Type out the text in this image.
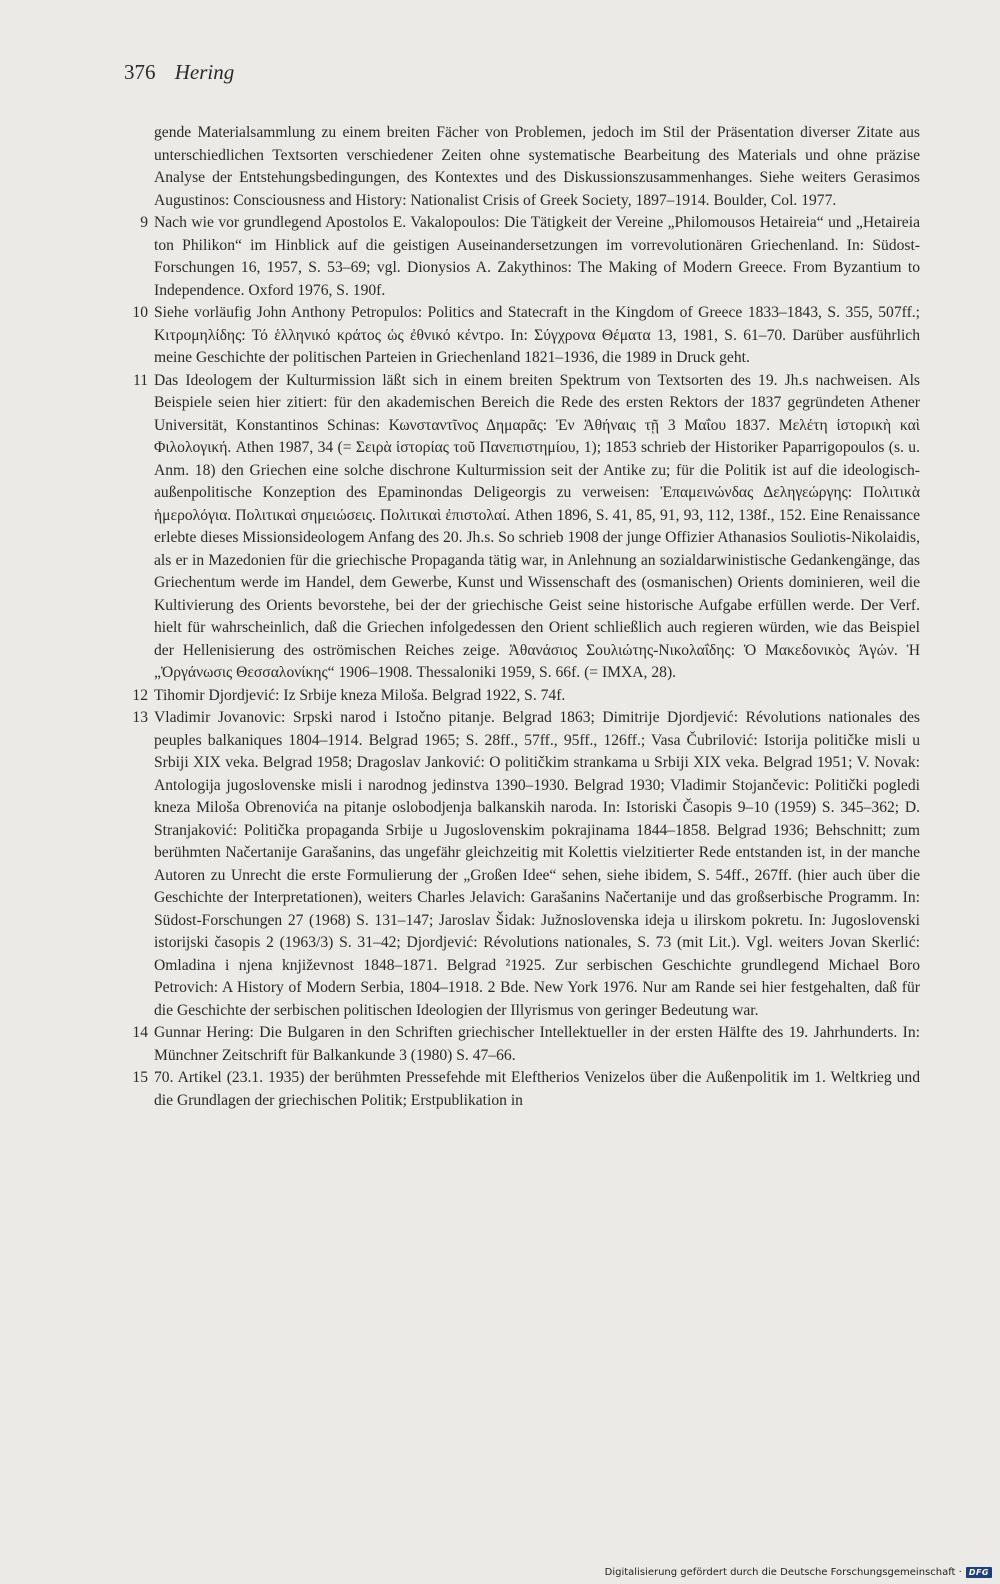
376 Hering
gende Materialsammlung zu einem breiten Fächer von Problemen, jedoch im Stil der Präsentation diverser Zitate aus unterschiedlichen Textsorten verschiedener Zeiten ohne systematische Bearbeitung des Materials und ohne präzise Analyse der Entstehungsbedingungen, des Kontextes und des Diskussionszusammenhanges. Siehe weiters Gerasimos Augustinos: Consciousness and History: Nationalist Crisis of Greek Society, 1897–1914. Boulder, Col. 1977.
9 Nach wie vor grundlegend Apostolos E. Vakalopoulos: Die Tätigkeit der Vereine „Philomousos Hetaireia“ und „Hetaireia ton Philikon“ im Hinblick auf die geistigen Auseinandersetzungen im vorrevolutionären Griechenland. In: Südost-Forschungen 16, 1957, S. 53–69; vgl. Dionysios A. Zakythinos: The Making of Modern Greece. From Byzantium to Independence. Oxford 1976, S. 190f.
10 Siehe vorläufig John Anthony Petropulos: Politics and Statecraft in the Kingdom of Greece 1833–1843, S. 355, 507ff.; Κιτρομηλίδης: Τό ἑλληνικό κράτος ὡς ἐθνικό κέντρο. In: Σύγχρονα Θέματα 13, 1981, S. 61–70. Darüber ausführlich meine Geschichte der politischen Parteien in Griechenland 1821–1936, die 1989 in Druck geht.
11 Das Ideologem der Kulturmission läßt sich in einem breiten Spektrum von Textsorten des 19. Jh.s nachweisen. Als Beispiele seien hier zitiert: für den akademischen Bereich die Rede des ersten Rektors der 1837 gegründeten Athener Universität, Konstantinos Schinas: Κωνσταντῖνος Δημαρᾶς: Ἐν Ἀθήναις τῇ 3 Μαΐου 1837. Μελέτη ἱστορικὴ καὶ Φιλολογική. Athen 1987, 34 (= Σειρὰ ἱστορίας τοῦ Πανεπιστημίου, 1); 1853 schrieb der Historiker Paparrigopoulos (s. u. Anm. 18) den Griechen eine solche dischrone Kulturmission seit der Antike zu; für die Politik ist auf die ideologisch-außenpolitische Konzeption des Epaminondas Deligeorgis zu verweisen: Ἐπαμεινώνδας Δεληγεώργης: Πολιτικὰ ἡμερολόγια. Πολιτικαὶ σημειώσεις. Πολιτικαὶ ἐπιστολαί. Athen 1896, S. 41, 85, 91, 93, 112, 138f., 152. Eine Renaissance erlebte dieses Missionsideologem Anfang des 20. Jh.s. So schrieb 1908 der junge Offizier Athanasios Souliotis-Nikolaidis, als er in Mazedonien für die griechische Propaganda tätig war, in Anlehnung an sozialdarwinistische Gedankengänge, das Griechentum werde im Handel, dem Gewerbe, Kunst und Wissenschaft des (osmanischen) Orients dominieren, weil die Kultivierung des Orients bevorstehe, bei der der griechische Geist seine historische Aufgabe erfüllen werde. Der Verf. hielt für wahrscheinlich, daß die Griechen infolgedessen den Orient schließlich auch regieren würden, wie das Beispiel der Hellenisierung des oströmischen Reiches zeige. Ἀθανάσιος Σουλιώτης-Νικολαΐδης: Ὁ Μακεδονικὸς Ἀγών. Ἡ „Ὀργάνωσις Θεσσαλονίκης“ 1906–1908. Thessaloniki 1959, S. 66f. (= IMXA, 28).
12 Tihomir Djordjević: Iz Srbije kneza Miloša. Belgrad 1922, S. 74f.
13 Vladimir Jovanovic: Srpski narod i Istočno pitanje. Belgrad 1863; Dimitrije Djordjević: Révolutions nationales des peuples balkaniques 1804–1914. Belgrad 1965; S. 28ff., 57ff., 95ff., 126ff.; Vasa Čubrilović: Istorija političke misli u Srbiji XIX veka. Belgrad 1958; Dragoslav Janković: O političkim strankama u Srbiji XIX veka. Belgrad 1951; V. Novak: Antologija jugoslovenske misli i narodnog jedinstva 1390–1930. Belgrad 1930; Vladimir Stojančevic: Politički pogledi kneza Miloša Obrenovića na pitanje oslobodjenja balkanskih naroda. In: Istoriski Časopis 9–10 (1959) S. 345–362; D. Stranjaković: Politička propaganda Srbije u Jugoslovenskim pokrajinama 1844–1858. Belgrad 1936; Behschnitt; zum berühmten Načertanije Garašanins, das ungefähr gleichzeitig mit Kolettis vielzitierter Rede entstanden ist, in der manche Autoren zu Unrecht die erste Formulierung der „Großen Idee“ sehen, siehe ibidem, S. 54ff., 267ff. (hier auch über die Geschichte der Interpretationen), weiters Charles Jelavich: Garašanins Načertanije und das großserbische Programm. In: Südost-Forschungen 27 (1968) S. 131–147; Jaroslav Šidak: Južnoslovenska ideja u ilirskom pokretu. In: Jugoslovenski istorijski časopis 2 (1963/3) S. 31–42; Djordjević: Révolutions nationales, S. 73 (mit Lit.). Vgl. weiters Jovan Skerlić: Omladina i njena književnost 1848–1871. Belgrad ²1925. Zur serbischen Geschichte grundlegend Michael Boro Petrovich: A History of Modern Serbia, 1804–1918. 2 Bde. New York 1976. Nur am Rande sei hier festgehalten, daß für die Geschichte der serbischen politischen Ideologien der Illyrismus von geringer Bedeutung war.
14 Gunnar Hering: Die Bulgaren in den Schriften griechischer Intellektueller in der ersten Hälfte des 19. Jahrhunderts. In: Münchner Zeitschrift für Balkankunde 3 (1980) S. 47–66.
15 70. Artikel (23.1. 1935) der berühmten Pressefehde mit Eleftherios Venizelos über die Außenpolitik im 1. Weltkrieg und die Grundlagen der griechischen Politik; Erstpublikation in
Digitalisierung gefördert durch die Deutsche Forschungsgemeinschaft · DFG
